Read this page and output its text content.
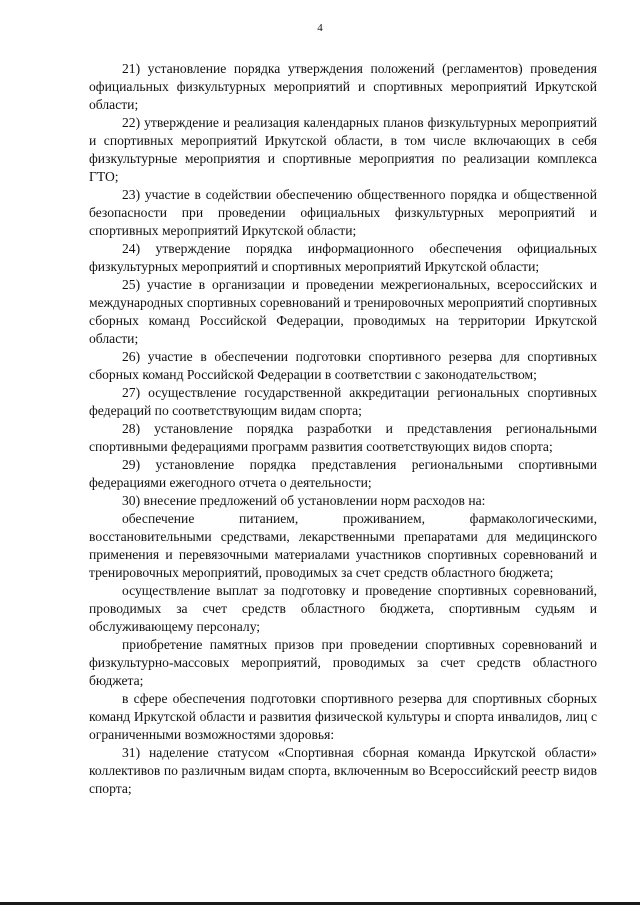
4

21) установление порядка утверждения положений (регламентов) проведения официальных физкультурных мероприятий и спортивных мероприятий Иркутской области;

22) утверждение и реализация календарных планов физкультурных мероприятий и спортивных мероприятий Иркутской области, в том числе включающих в себя физкультурные мероприятия и спортивные мероприятия по реализации комплекса ГТО;

23) участие в содействии обеспечению общественного порядка и общественной безопасности при проведении официальных физкультурных мероприятий и спортивных мероприятий Иркутской области;

24) утверждение порядка информационного обеспечения официальных физкультурных мероприятий и спортивных мероприятий Иркутской области;

25) участие в организации и проведении межрегиональных, всероссийских и международных спортивных соревнований и тренировочных мероприятий спортивных сборных команд Российской Федерации, проводимых на территории Иркутской области;

26) участие в обеспечении подготовки спортивного резерва для спортивных сборных команд Российской Федерации в соответствии с законодательством;

27) осуществление государственной аккредитации региональных спортивных федераций по соответствующим видам спорта;

28) установление порядка разработки и представления региональными спортивными федерациями программ развития соответствующих видов спорта;

29) установление порядка представления региональными спортивными федерациями ежегодного отчета о деятельности;

30) внесение предложений об установлении норм расходов на:

обеспечение питанием, проживанием, фармакологическими, восстановительными средствами, лекарственными препаратами для медицинского применения и перевязочными материалами участников спортивных соревнований и тренировочных мероприятий, проводимых за счет средств областного бюджета;

осуществление выплат за подготовку и проведение спортивных соревнований, проводимых за счет средств областного бюджета, спортивным судьям и обслуживающему персоналу;

приобретение памятных призов при проведении спортивных соревнований и физкультурно-массовых мероприятий, проводимых за счет средств областного бюджета;

в сфере обеспечения подготовки спортивного резерва для спортивных сборных команд Иркутской области и развития физической культуры и спорта инвалидов, лиц с ограниченными возможностями здоровья:

31) наделение статусом «Спортивная сборная команда Иркутской области» коллективов по различным видам спорта, включенным во Всероссийский реестр видов спорта;
